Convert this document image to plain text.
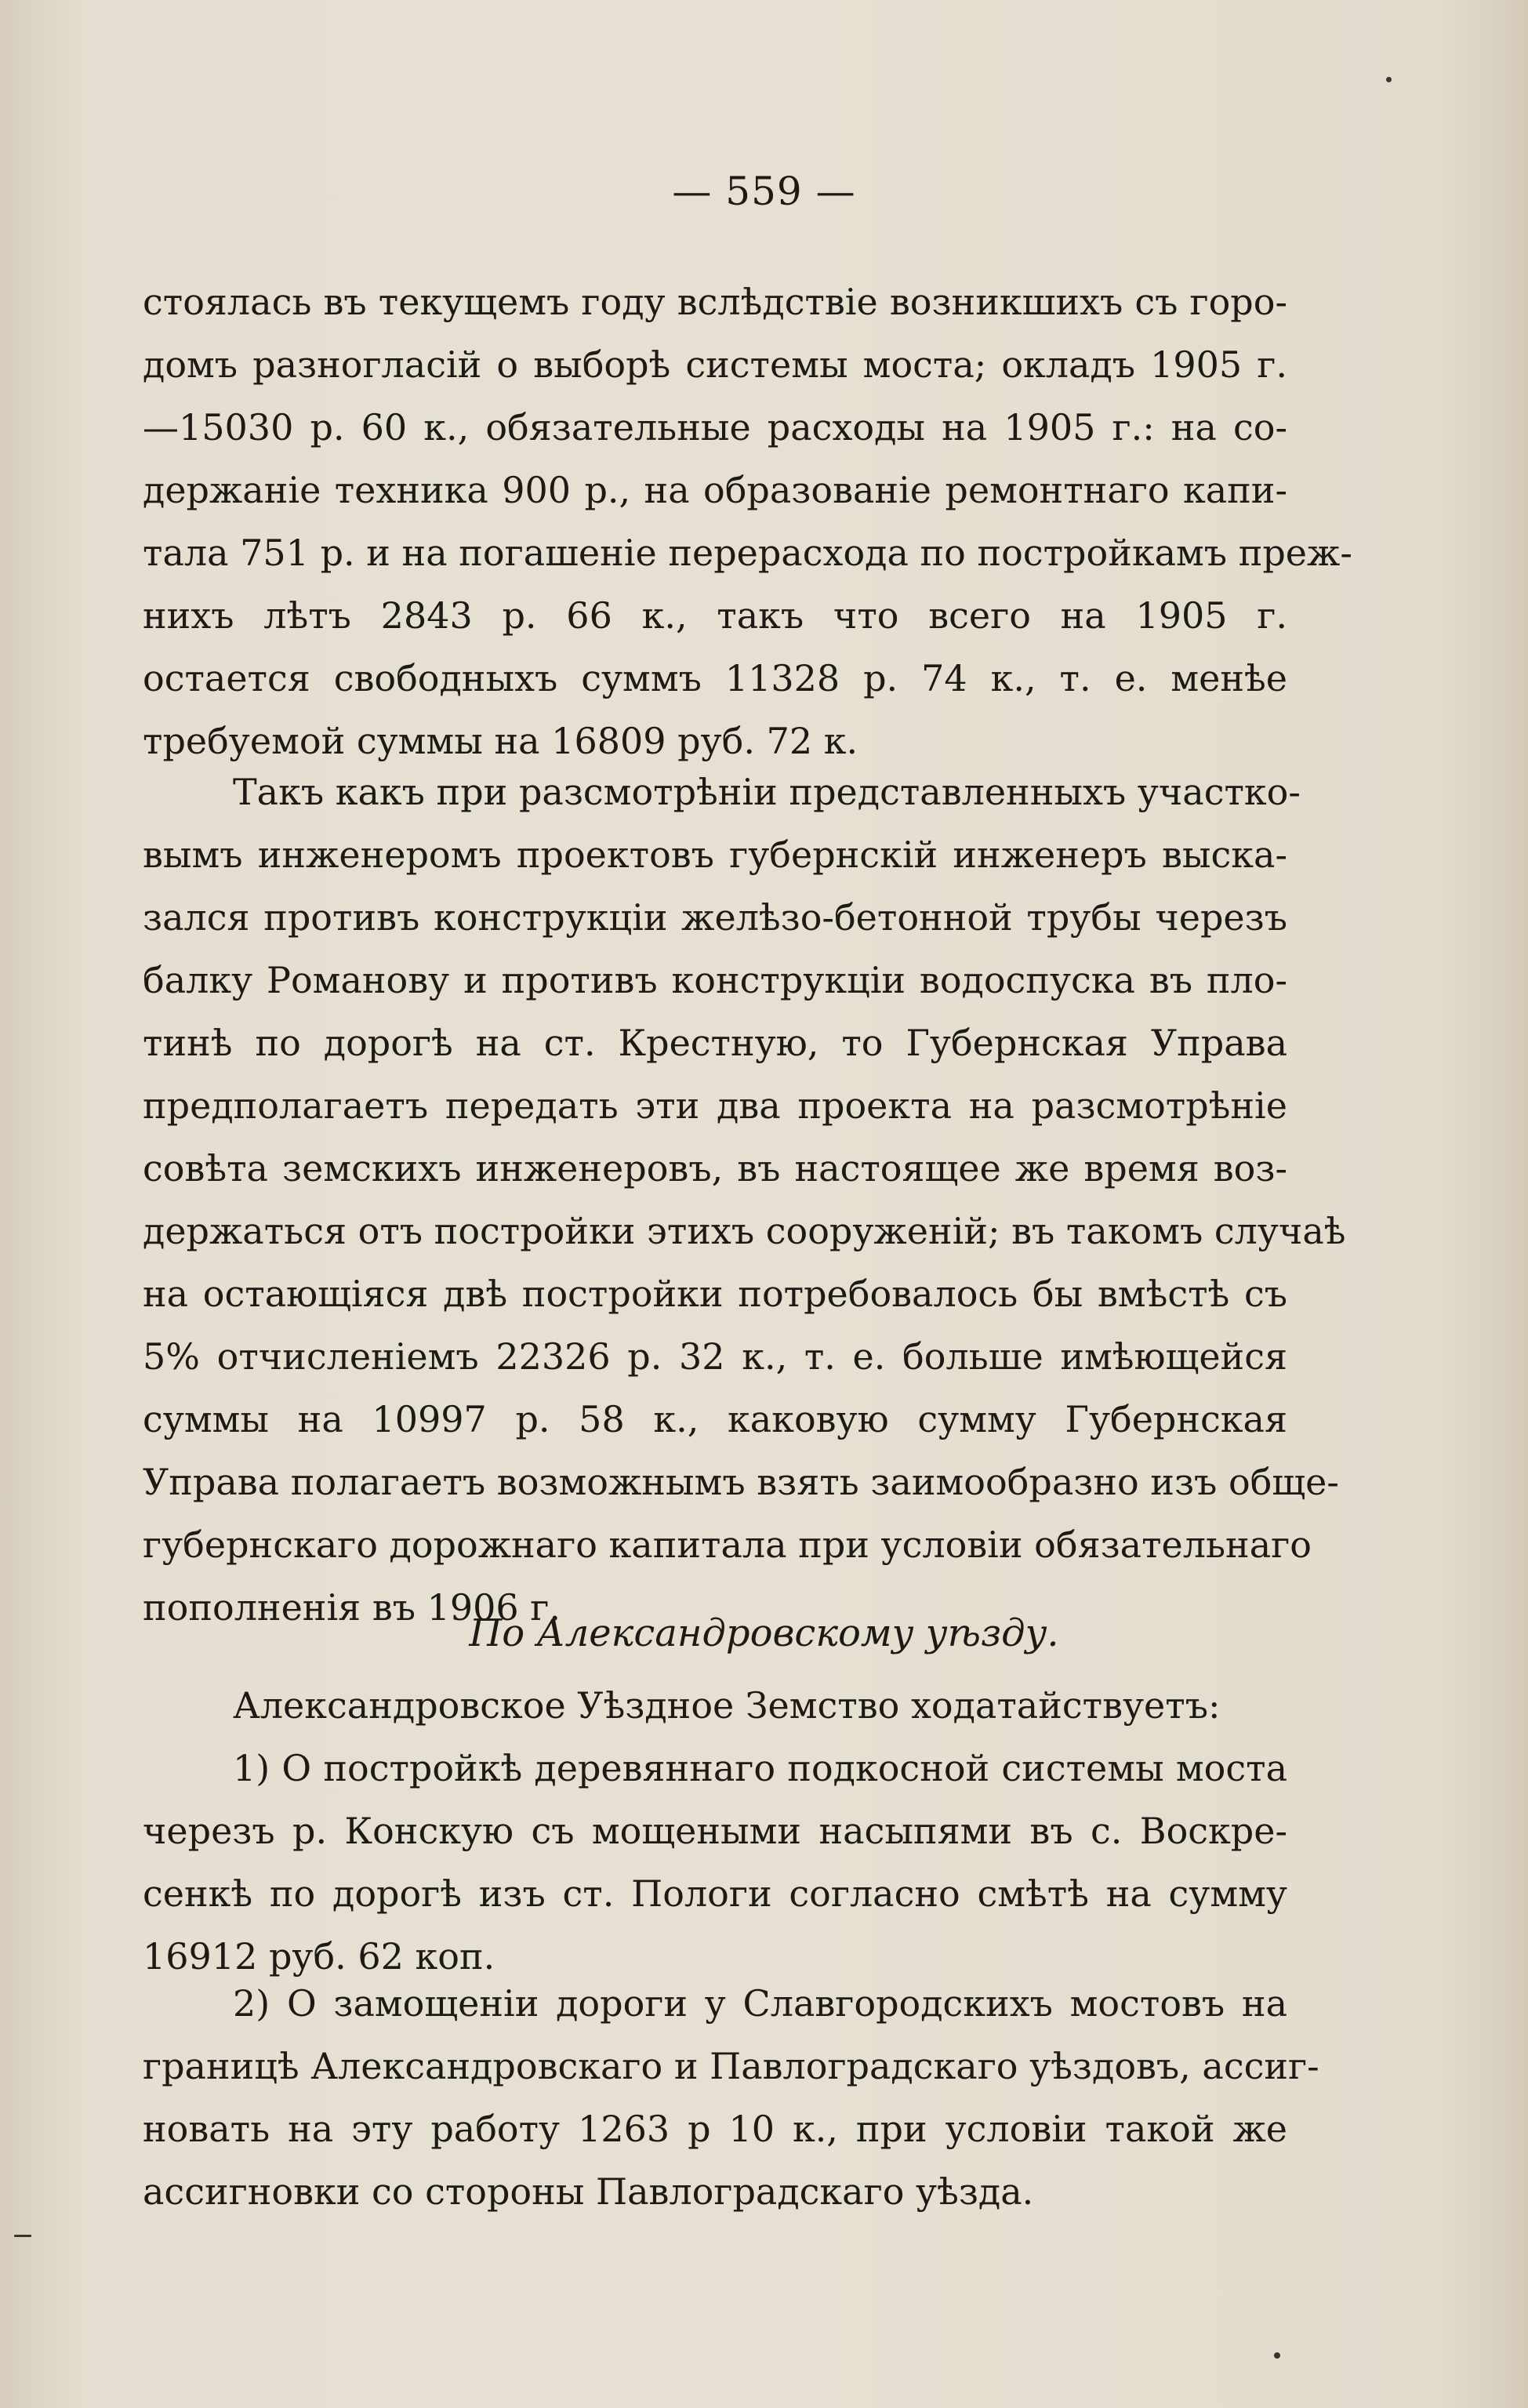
— 559 —
стоялась въ текущемъ году вслѣдствіе возникшихъ съ горо-
домъ разногласій о выборѣ системы моста; окладъ 1905 г.
—15030 р. 60 к., обязательные расходы на 1905 г.: на со-
держаніе техника 900 р., на образованіе ремонтнаго капи-
тала 751 р. и на погашеніе перерасхода по постройкамъ преж-
нихъ лѣтъ 2843 р. 66 к., такъ что всего на 1905 г.
остается свободныхъ суммъ 11328 р. 74 к., т. е. менѣе
требуемой суммы на 16809 руб. 72 к.
Такъ какъ при разсмотрѣніи представленныхъ участко-
вымъ инженеромъ проектовъ губернскій инженеръ выска-
зался противъ конструкціи желѣзо-бетонной трубы черезъ
балку Романову и противъ конструкціи водоспуска въ пло-
тинѣ по дорогѣ на ст. Крестную, то Губернская Управа
предполагаетъ передать эти два проекта на разсмотрѣніе
совѣта земскихъ инженеровъ, въ настоящее же время воз-
держаться отъ постройки этихъ сооруженій; въ такомъ случаѣ
на остающіяся двѣ постройки потребовалось бы вмѣстѣ съ
5% отчисленіемъ 22326 р. 32 к., т. е. больше имѣющейся
суммы на 10997 р. 58 к., каковую сумму Губернская
Управа полагаетъ возможнымъ взять заимообразно изъ обще-
губернскаго дорожнаго капитала при условіи обязательнаго
пополненія въ 1906 г.
По Александровскому уѣзду.
Александровское Уѣздное Земство ходатайствуетъ:
1) О постройкѣ деревяннаго подкосной системы моста
черезъ р. Конскую съ мощеными насыпями въ с. Воскре-
сенкѣ по дорогѣ изъ ст. Пологи согласно смѣтѣ на сумму
16912 руб. 62 коп.
2) О замощеніи дороги у Славгородскихъ мостовъ на
границѣ Александровскаго и Павлоградскаго уѣздовъ, ассиг-
новать на эту работу 1263 р 10 к., при условіи такой же
ассигновки со стороны Павлоградскаго уѣзда.
